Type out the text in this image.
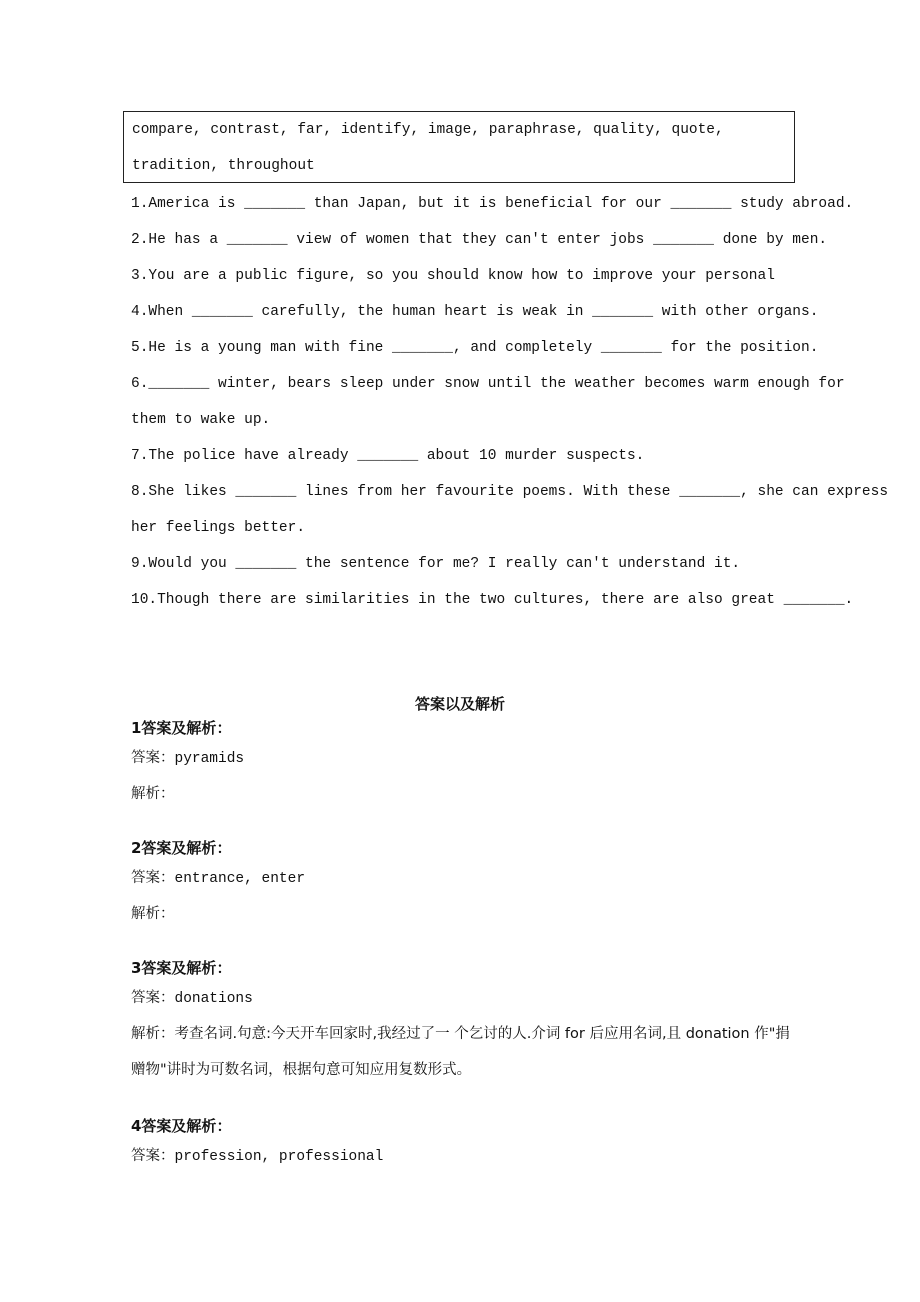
compare, contrast, far, identify, image, paraphrase, quality, quote, tradition, throughout
1.America is _______ than Japan, but it is beneficial for our _______ study abroad.
2.He has a _______ view of women that they can't enter jobs _______ done by men.
3.You are a public figure, so you should know how to improve your personal
4.When _______ carefully, the human heart is weak in _______ with other organs.
5.He is a young man with fine _______, and completely _______ for the position.
6._______ winter, bears sleep under snow until the weather becomes warm enough for
them to wake up.
7.The police have already _______ about 10 murder suspects.
8.She likes _______ lines from her favourite poems. With these _______, she can express
her feelings better.
9.Would you _______ the sentence for me? I really can't understand it.
10.Though there are similarities in the two cultures, there are also great _______.
答案以及解析
1答案及解析：
答案：pyramids
解析：
2答案及解析：
答案：entrance, enter
解析：
3答案及解析：
答案：donations
解析：考查名词.句意:今天开车回家时,我经过了一 个乞讨的人.介词 for 后应用名词,且 donation 作"捐赠物"讲时为可数名词，根据句意可知应用复数形式。
4答案及解析：
答案：profession, professional
